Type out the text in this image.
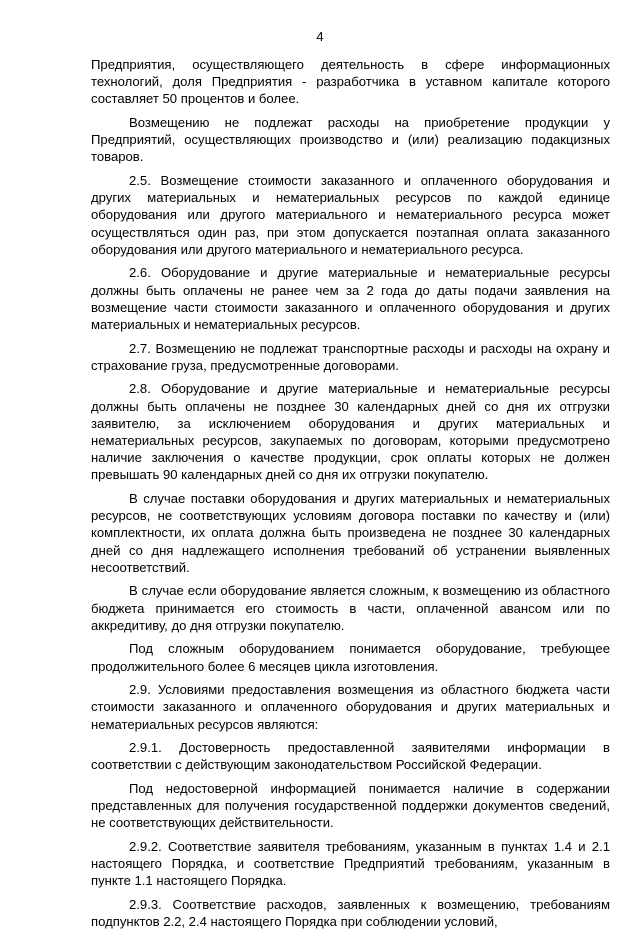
4

Предприятия, осуществляющего деятельность в сфере информационных технологий, доля Предприятия - разработчика в уставном капитале которого составляет 50 процентов и более.

Возмещению не подлежат расходы на приобретение продукции у Предприятий, осуществляющих производство и (или) реализацию подакцизных товаров.

2.5. Возмещение стоимости заказанного и оплаченного оборудования и других материальных и нематериальных ресурсов по каждой единице оборудования или другого материального и нематериального ресурса может осуществляться один раз, при этом допускается поэтапная оплата заказанного оборудования или другого материального и нематериального ресурса.

2.6. Оборудование и другие материальные и нематериальные ресурсы должны быть оплачены не ранее чем за 2 года до даты подачи заявления на возмещение части стоимости заказанного и оплаченного оборудования и других материальных и нематериальных ресурсов.

2.7. Возмещению не подлежат транспортные расходы и расходы на охрану и страхование груза, предусмотренные договорами.

2.8. Оборудование и другие материальные и нематериальные ресурсы должны быть оплачены не позднее 30 календарных дней со дня их отгрузки заявителю, за исключением оборудования и других материальных и нематериальных ресурсов, закупаемых по договорам, которыми предусмотрено наличие заключения о качестве продукции, срок оплаты которых не должен превышать 90 календарных дней со дня их отгрузки покупателю.

В случае поставки оборудования и других материальных и нематериальных ресурсов, не соответствующих условиям договора поставки по качеству и (или) комплектности, их оплата должна быть произведена не позднее 30 календарных дней со дня надлежащего исполнения требований об устранении выявленных несоответствий.

В случае если оборудование является сложным, к возмещению из областного бюджета принимается его стоимость в части, оплаченной авансом или по аккредитиву, до дня отгрузки покупателю.

Под сложным оборудованием понимается оборудование, требующее продолжительного более 6 месяцев цикла изготовления.

2.9. Условиями предоставления возмещения из областного бюджета части стоимости заказанного и оплаченного оборудования и других материальных и нематериальных ресурсов являются:

2.9.1. Достоверность предоставленной заявителями информации в соответствии с действующим законодательством Российской Федерации.

Под недостоверной информацией понимается наличие в содержании представленных для получения государственной поддержки документов сведений, не соответствующих действительности.

2.9.2. Соответствие заявителя требованиям, указанным в пунктах 1.4 и 2.1 настоящего Порядка, и соответствие Предприятий требованиям, указанным в пункте 1.1 настоящего Порядка.

2.9.3. Соответствие расходов, заявленных к возмещению, требованиям подпунктов 2.2, 2.4 настоящего Порядка при соблюдении условий,
